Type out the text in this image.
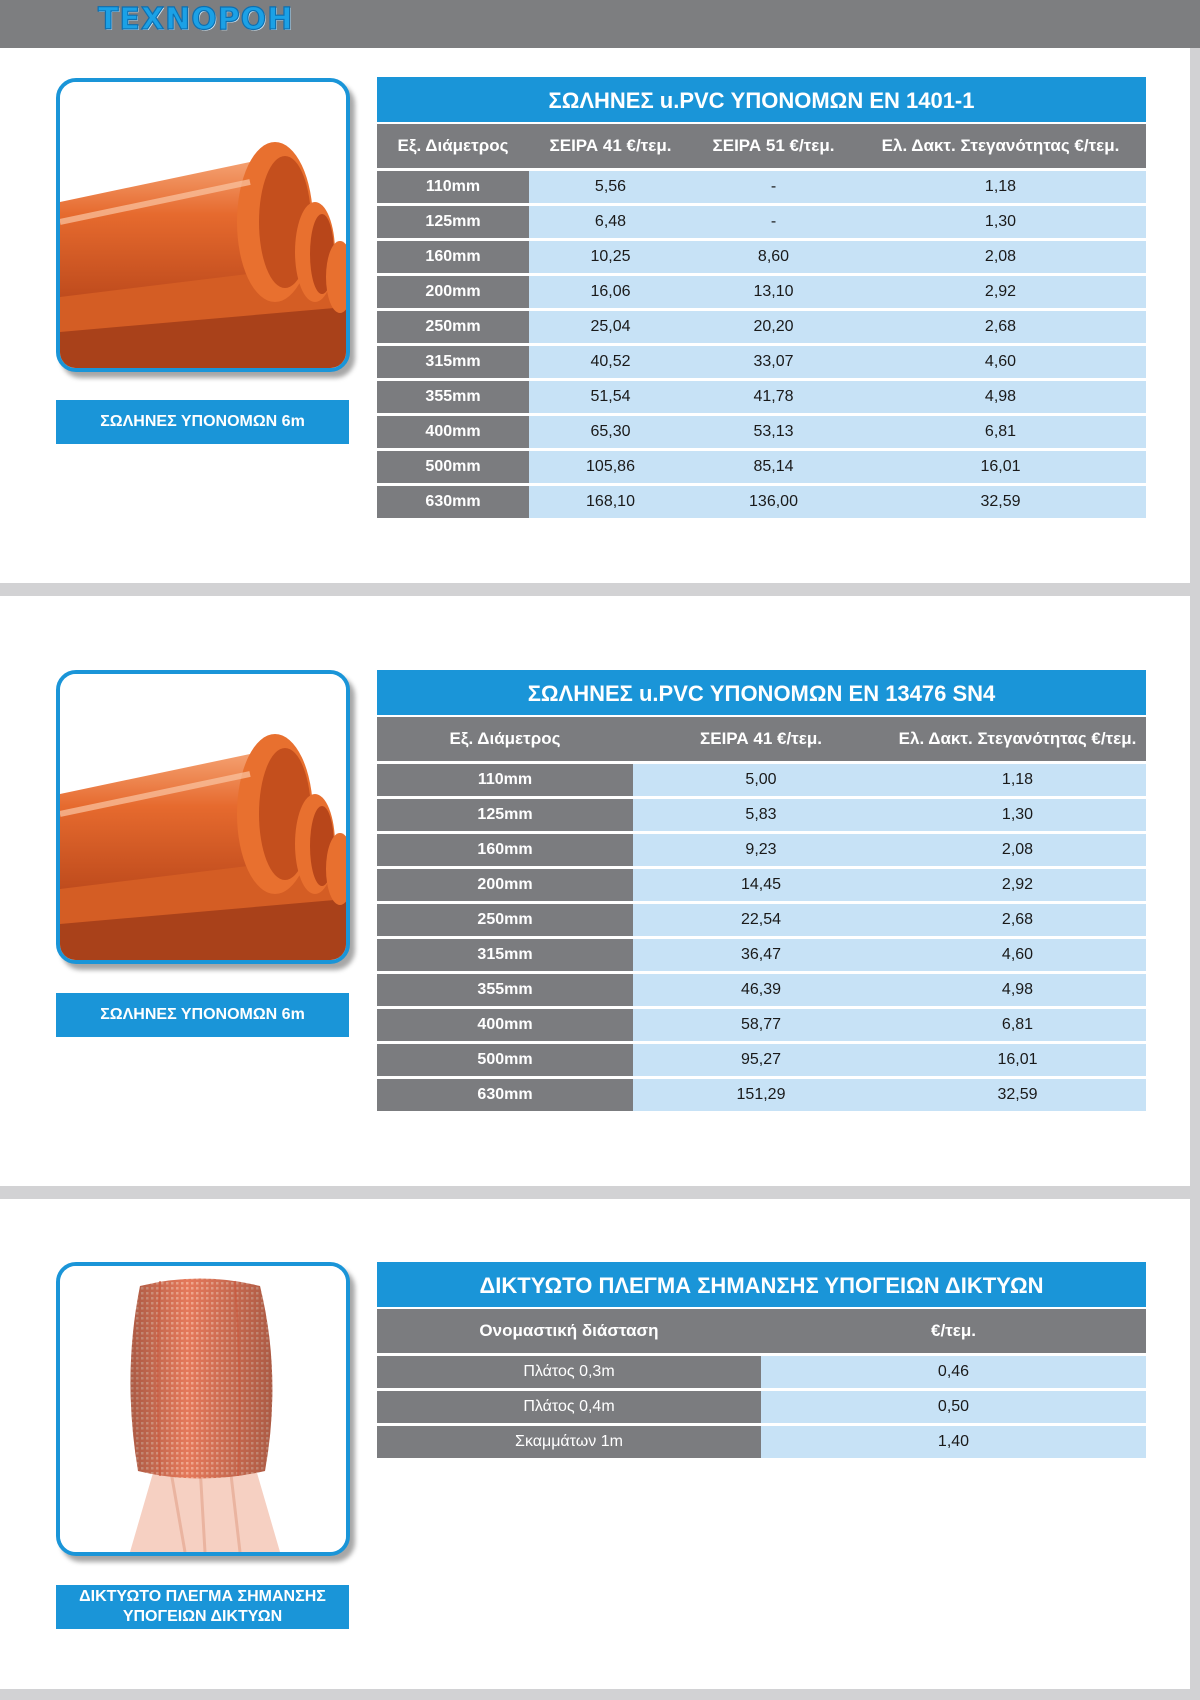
ΤΕΧΝΟΡΟΗ
ΣΩΛΗΝΕΣ ΥΠΟΝΟΜΩΝ 6m
ΣΩΛΗΝΕΣ u.PVC ΥΠΟΝΟΜΩΝ EN 1401-1
Εξ. Διάμετρος	ΣΕΙΡΑ 41 €/τεμ.	ΣΕΙΡΑ 51 €/τεμ.	Ελ. Δακτ. Στεγανότητας €/τεμ.
110mm	5,56	-	1,18
125mm	6,48	-	1,30
160mm	10,25	8,60	2,08
200mm	16,06	13,10	2,92
250mm	25,04	20,20	2,68
315mm	40,52	33,07	4,60
355mm	51,54	41,78	4,98
400mm	65,30	53,13	6,81
500mm	105,86	85,14	16,01
630mm	168,10	136,00	32,59
ΣΩΛΗΝΕΣ ΥΠΟΝΟΜΩΝ 6m
ΣΩΛΗΝΕΣ u.PVC ΥΠΟΝΟΜΩΝ EN 13476 SN4
Εξ. Διάμετρος	ΣΕΙΡΑ 41 €/τεμ.	Ελ. Δακτ. Στεγανότητας €/τεμ.
110mm	5,00	1,18
125mm	5,83	1,30
160mm	9,23	2,08
200mm	14,45	2,92
250mm	22,54	2,68
315mm	36,47	4,60
355mm	46,39	4,98
400mm	58,77	6,81
500mm	95,27	16,01
630mm	151,29	32,59
ΔΙΚΤΥΩΤΟ ΠΛΕΓΜΑ ΣΗΜΑΝΣΗΣ ΥΠΟΓΕΙΩΝ ΔΙΚΤΥΩΝ
ΔΙΚΤΥΩΤΟ ΠΛΕΓΜΑ ΣΗΜΑΝΣΗΣ ΥΠΟΓΕΙΩΝ ΔΙΚΤΥΩΝ
Ονομαστική διάσταση	€/τεμ.
Πλάτος 0,3m	0,46
Πλάτος 0,4m	0,50
Σκαμμάτων 1m	1,40
